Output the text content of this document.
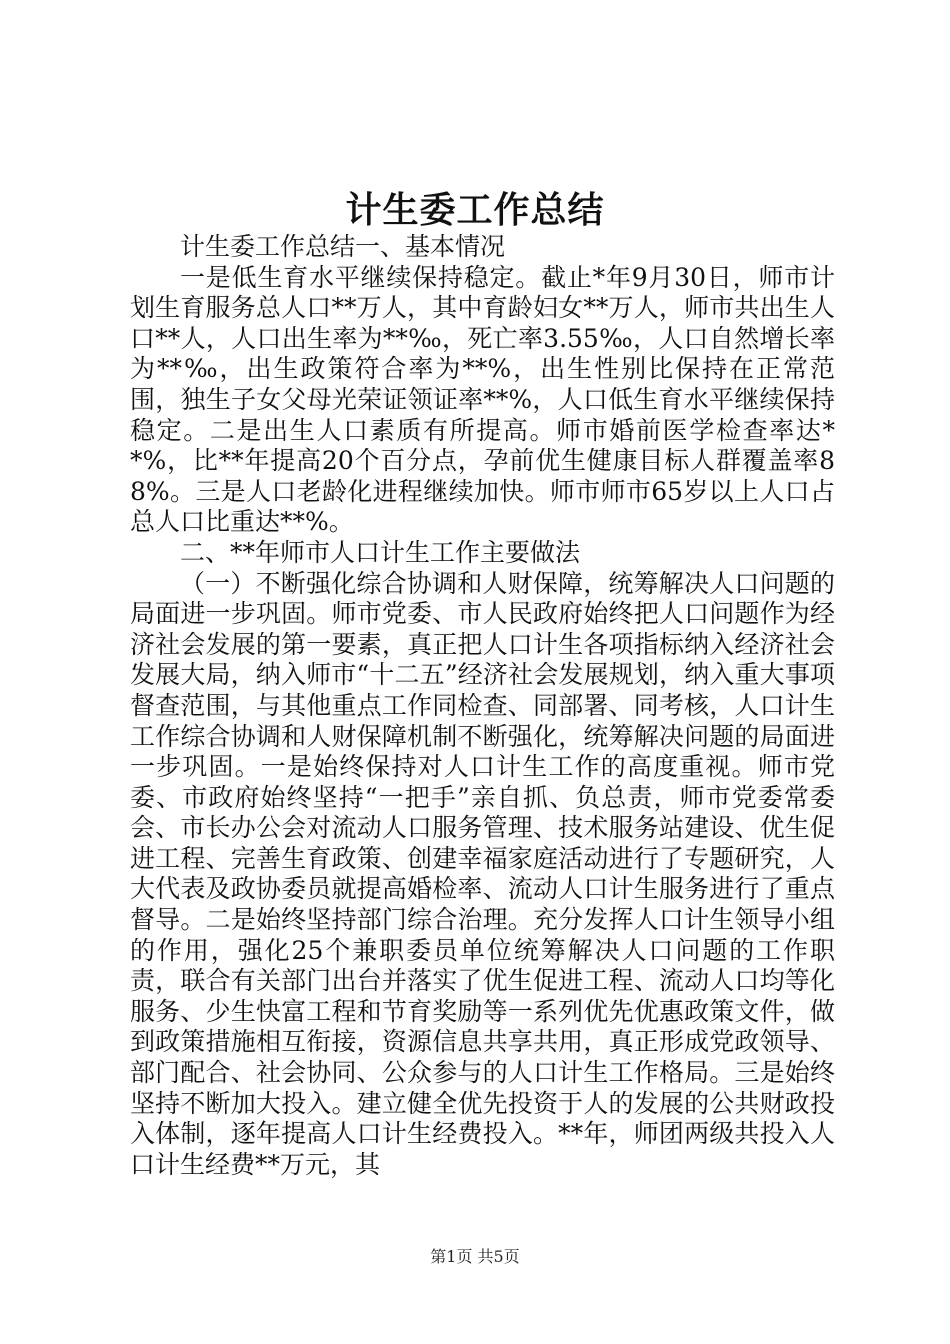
计生委工作总结

计生委工作总结一、基本情况

一是低生育水平继续保持稳定。截止*年9月30日，师市计划生育服务总人口**万人，其中育龄妇女**万人，师市共出生人口**人，人口出生率为**‰，死亡率3.55‰，人口自然增长率为**‰，出生政策符合率为**%，出生性别比保持在正常范围，独生子女父母光荣证领证率**%，人口低生育水平继续保持稳定。二是出生人口素质有所提高。师市婚前医学检查率达**%，比**年提高20个百分点，孕前优生健康目标人群覆盖率88%。三是人口老龄化进程继续加快。师市师市65岁以上人口占总人口比重达**%。

二、**年师市人口计生工作主要做法

（一）不断强化综合协调和人财保障，统筹解决人口问题的局面进一步巩固。师市党委、市人民政府始终把人口问题作为经济社会发展的第一要素，真正把人口计生各项指标纳入经济社会发展大局，纳入师市“十二五”经济社会发展规划，纳入重大事项督查范围，与其他重点工作同检查、同部署、同考核，人口计生工作综合协调和人财保障机制不断强化，统筹解决问题的局面进一步巩固。一是始终保持对人口计生工作的高度重视。师市党委、市政府始终坚持“一把手”亲自抓、负总责，师市党委常委会、市长办公会对流动人口服务管理、技术服务站建设、优生促进工程、完善生育政策、创建幸福家庭活动进行了专题研究，人大代表及政协委员就提高婚检率、流动人口计生服务进行了重点督导。二是始终坚持部门综合治理。充分发挥人口计生领导小组的作用，强化25个兼职委员单位统筹解决人口问题的工作职责，联合有关部门出台并落实了优生促进工程、流动人口均等化服务、少生快富工程和节育奖励等一系列优先优惠政策文件，做到政策措施相互衔接，资源信息共享共用，真正形成党政领导、部门配合、社会协同、公众参与的人口计生工作格局。三是始终坚持不断加大投入。建立健全优先投资于人的发展的公共财政投入体制，逐年提高人口计生经费投入。**年，师团两级共投入人口计生经费**万元，其

第1页 共5页
